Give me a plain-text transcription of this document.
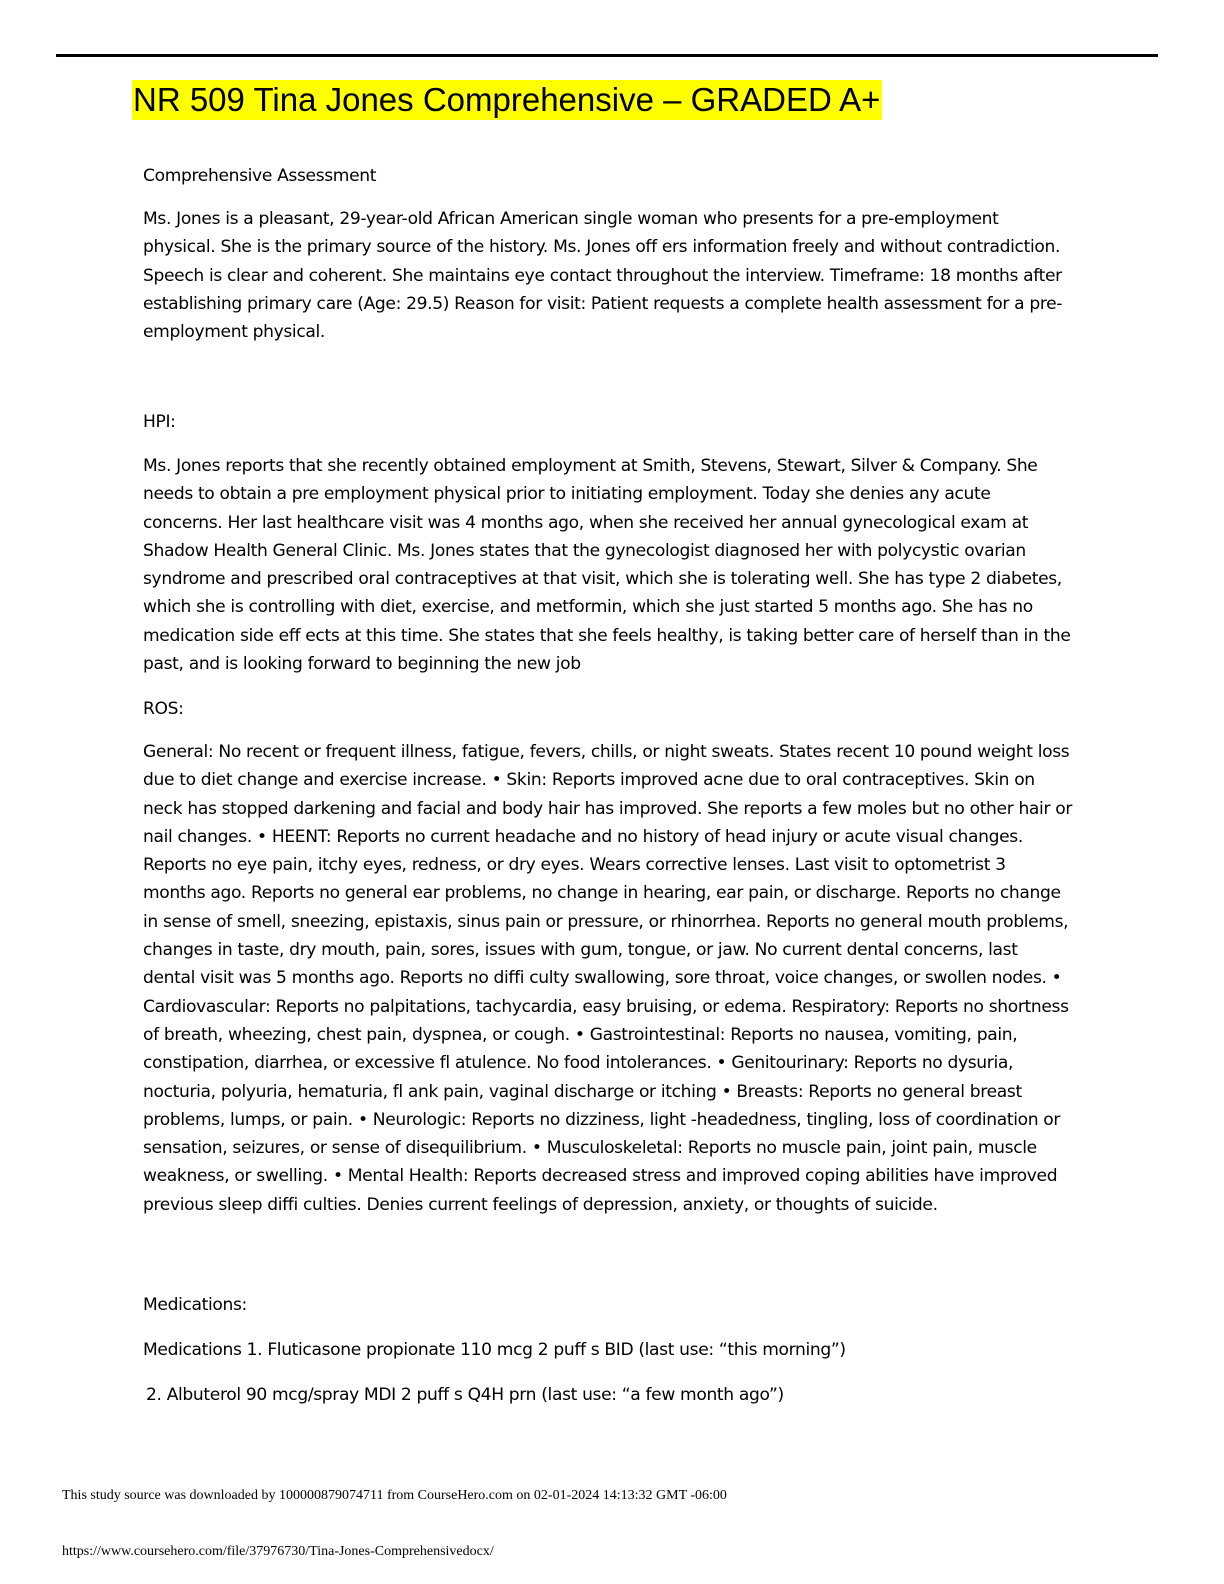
NR 509 Tina Jones Comprehensive – GRADED A+

Comprehensive Assessment

Ms. Jones is a pleasant, 29-year-old African American single woman who presents for a pre-employment physical. She is the primary source of the history. Ms. Jones off ers information freely and without contradiction. Speech is clear and coherent. She maintains eye contact throughout the interview. Timeframe: 18 months after establishing primary care (Age: 29.5) Reason for visit: Patient requests a complete health assessment for a pre-employment physical.

HPI:

Ms. Jones reports that she recently obtained employment at Smith, Stevens, Stewart, Silver & Company. She needs to obtain a pre employment physical prior to initiating employment. Today she denies any acute concerns. Her last healthcare visit was 4 months ago, when she received her annual gynecological exam at Shadow Health General Clinic. Ms. Jones states that the gynecologist diagnosed her with polycystic ovarian syndrome and prescribed oral contraceptives at that visit, which she is tolerating well. She has type 2 diabetes, which she is controlling with diet, exercise, and metformin, which she just started 5 months ago. She has no medication side eff ects at this time. She states that she feels healthy, is taking better care of herself than in the past, and is looking forward to beginning the new job

ROS:

General: No recent or frequent illness, fatigue, fevers, chills, or night sweats. States recent 10 pound weight loss due to diet change and exercise increase. • Skin: Reports improved acne due to oral contraceptives. Skin on neck has stopped darkening and facial and body hair has improved. She reports a few moles but no other hair or nail changes. • HEENT: Reports no current headache and no history of head injury or acute visual changes. Reports no eye pain, itchy eyes, redness, or dry eyes. Wears corrective lenses. Last visit to optometrist 3 months ago. Reports no general ear problems, no change in hearing, ear pain, or discharge. Reports no change in sense of smell, sneezing, epistaxis, sinus pain or pressure, or rhinorrhea. Reports no general mouth problems, changes in taste, dry mouth, pain, sores, issues with gum, tongue, or jaw. No current dental concerns, last dental visit was 5 months ago. Reports no diffi culty swallowing, sore throat, voice changes, or swollen nodes. • Cardiovascular: Reports no palpitations, tachycardia, easy bruising, or edema. Respiratory: Reports no shortness of breath, wheezing, chest pain, dyspnea, or cough. • Gastrointestinal: Reports no nausea, vomiting, pain, constipation, diarrhea, or excessive fl atulence. No food intolerances. • Genitourinary: Reports no dysuria, nocturia, polyuria, hematuria, fl ank pain, vaginal discharge or itching • Breasts: Reports no general breast problems, lumps, or pain. • Neurologic: Reports no dizziness, light -headedness, tingling, loss of coordination or sensation, seizures, or sense of disequilibrium. • Musculoskeletal: Reports no muscle pain, joint pain, muscle weakness, or swelling. • Mental Health: Reports decreased stress and improved coping abilities have improved previous sleep diffi culties. Denies current feelings of depression, anxiety, or thoughts of suicide.

Medications:

Medications 1. Fluticasone propionate 110 mcg 2 puff s BID (last use: “this morning”)

2. Albuterol 90 mcg/spray MDI 2 puff s Q4H prn (last use: “a few month ago”)

This study source was downloaded by 100000879074711 from CourseHero.com on 02-01-2024 14:13:32 GMT -06:00
https://www.coursehero.com/file/37976730/Tina-Jones-Comprehensivedocx/
